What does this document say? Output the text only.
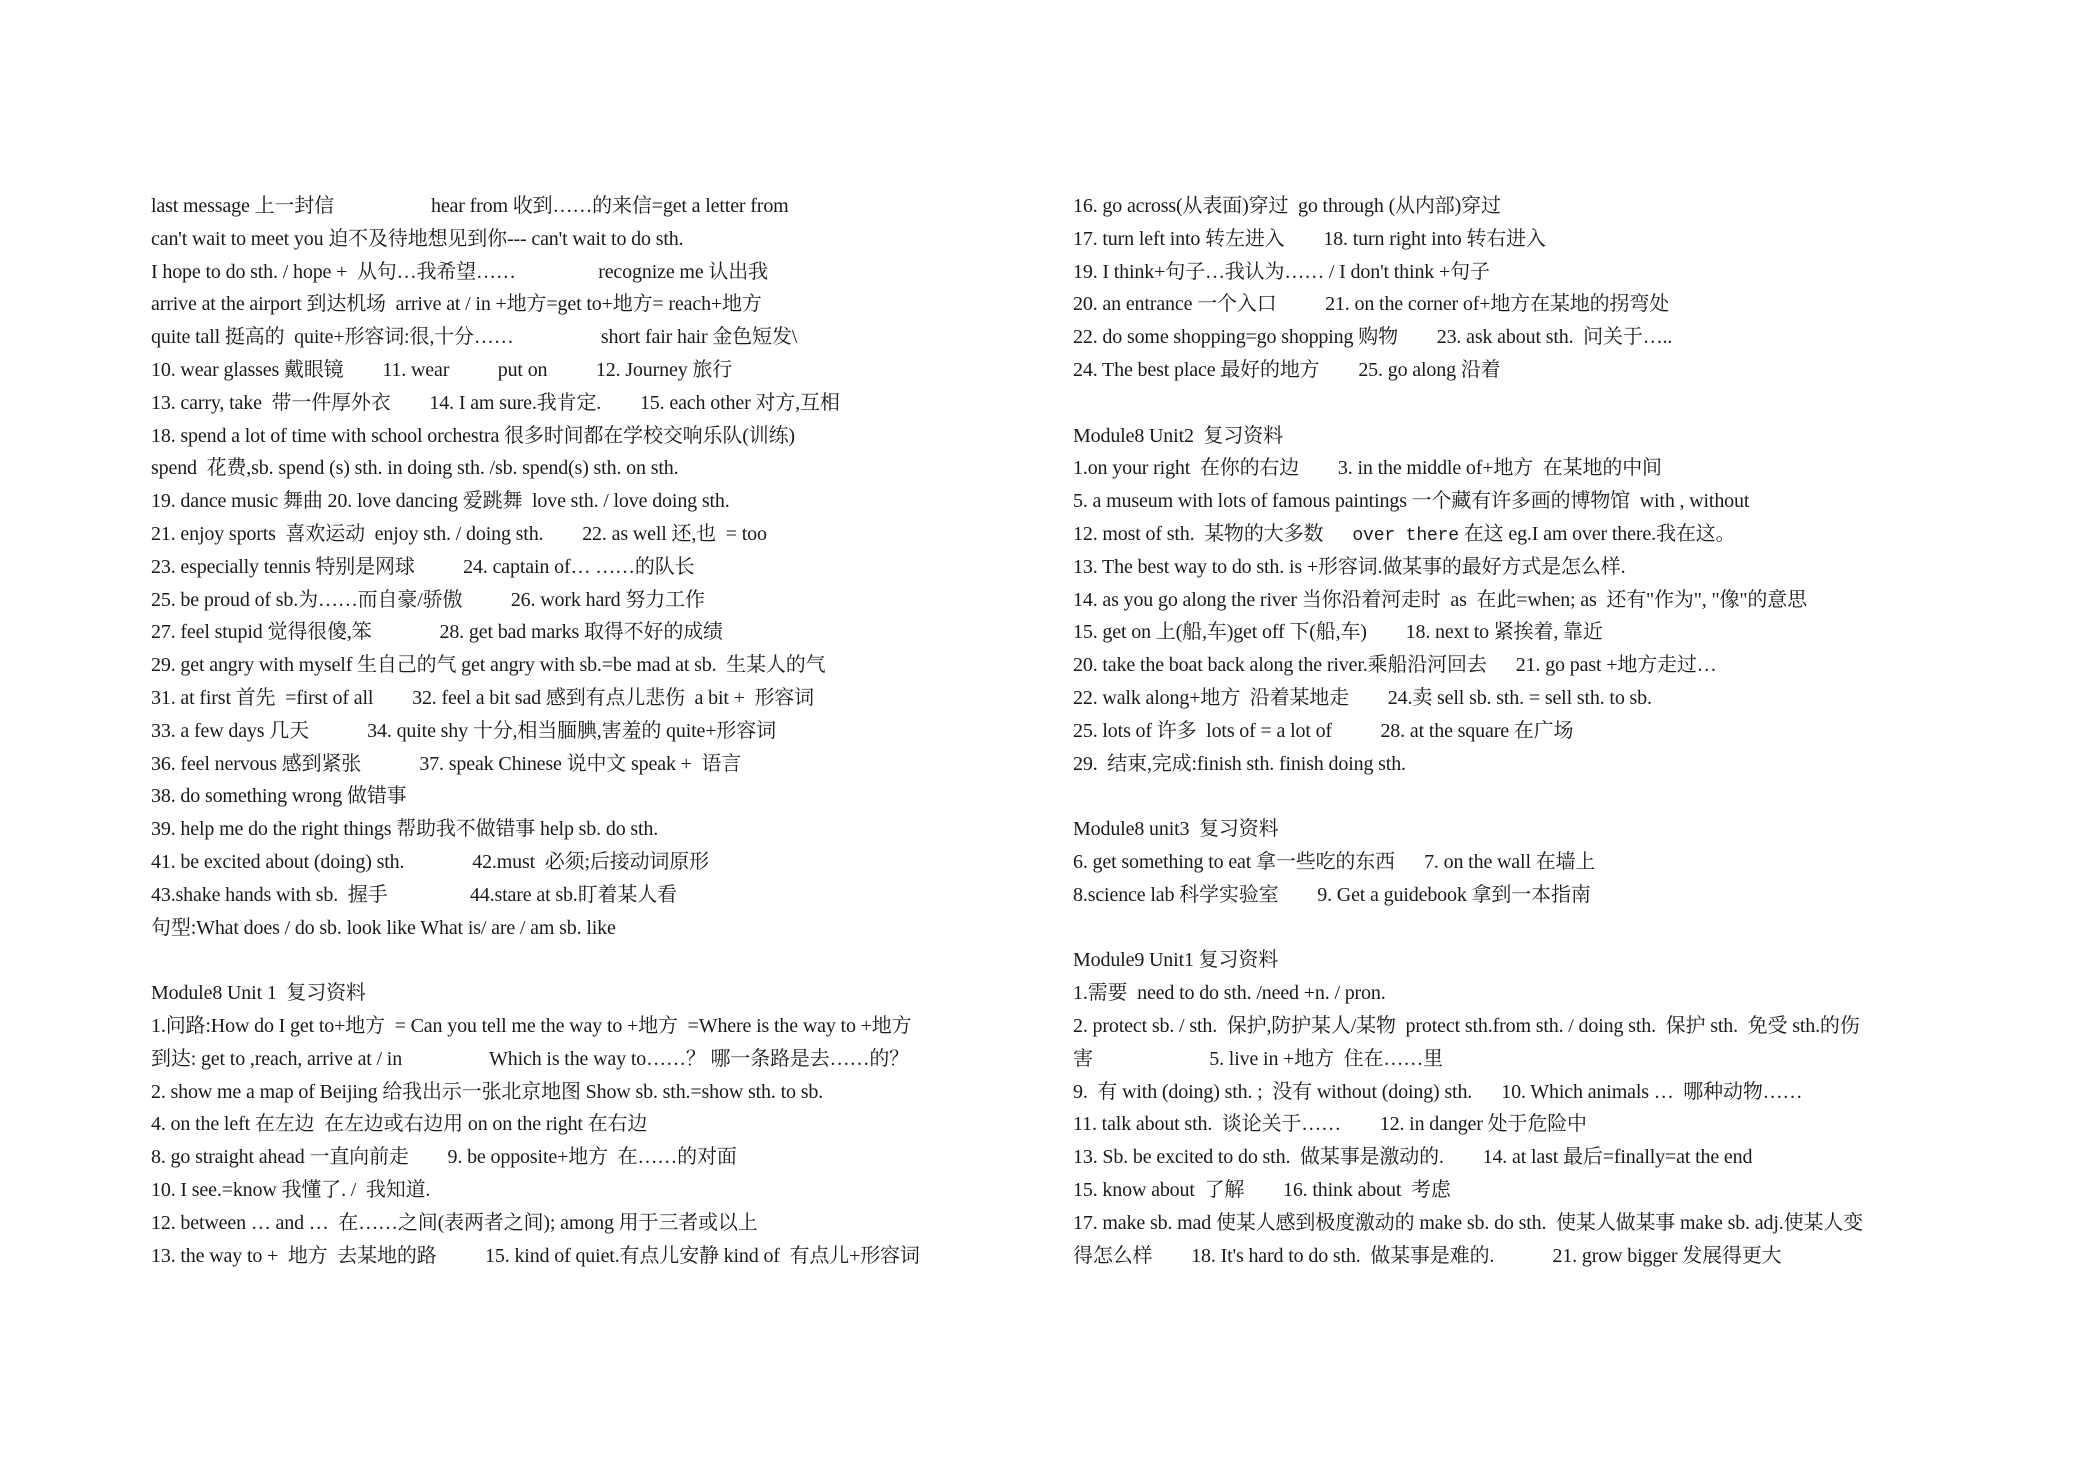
last message 上一封信                    hear from 收到……的来信=get a letter from
can't wait to meet you 迫不及待地想见到你--- can't wait to do sth.
I hope to do sth. / hope +  从句…我希望……                 recognize me 认出我
arrive at the airport 到达机场  arrive at / in +地方=get to+地方= reach+地方
quite tall 挺高的  quite+形容词:很,十分……                  short fair hair 金色短发\
10. wear glasses 戴眼镜        11. wear          put on          12. Journey 旅行
13. carry, take  带一件厚外衣        14. I am sure.我肯定.        15. each other 对方,互相
18. spend a lot of time with school orchestra 很多时间都在学校交响乐队(训练)
spend  花费,sb. spend (s) sth. in doing sth. /sb. spend(s) sth. on sth.
19. dance music 舞曲 20. love dancing 爱跳舞  love sth. / love doing sth.
21. enjoy sports  喜欢运动  enjoy sth. / doing sth.        22. as well 还,也  = too
23. especially tennis 特别是网球          24. captain of… ……的队长
25. be proud of sb.为……而自豪/骄傲          26. work hard 努力工作
27. feel stupid 觉得很傻,笨              28. get bad marks 取得不好的成绩
29. get angry with myself 生自己的气 get angry with sb.=be mad at sb.  生某人的气
31. at first 首先  =first of all        32. feel a bit sad 感到有点儿悲伤  a bit +  形容词
33. a few days 几天            34. quite shy 十分,相当腼腆,害羞的 quite+形容词
36. feel nervous 感到紧张            37. speak Chinese 说中文 speak +  语言
38. do something wrong 做错事
39. help me do the right things 帮助我不做错事 help sb. do sth.
41. be excited about (doing) sth.              42.must  必须;后接动词原形
43.shake hands with sb.  握手                 44.stare at sb.盯着某人看
句型:What does / do sb. look like What is/ are / am sb. like
Module8 Unit 1  复习资料
1.问路:How do I get to+地方  = Can you tell me the way to +地方  =Where is the way to +地方
到达: get to ,reach, arrive at / in                  Which is the way to……？ 哪一条路是去……的？
2. show me a map of Beijing 给我出示一张北京地图 Show sb. sth.=show sth. to sb.
4. on the left 在左边  在左边或右边用 on on the right 在右边
8. go straight ahead 一直向前走        9. be opposite+地方  在……的对面
10. I see.=know 我懂了. /  我知道.
12. between … and …  在……之间(表两者之间); among 用于三者或以上
13. the way to +  地方  去某地的路          15. kind of quiet.有点儿安静 kind of  有点儿+形容词
16. go across(从表面)穿过  go through (从内部)穿过
17. turn left into 转左进入        18. turn right into 转右进入
19. I think+句子…我认为…… / I don't think +句子
20. an entrance 一个入口          21. on the corner of+地方在某地的拐弯处
22. do some shopping=go shopping 购物        23. ask about sth.  问关于…..
24. The best place 最好的地方        25. go along 沿着
Module8 Unit2  复习资料
1.on your right  在你的右边        3. in the middle of+地方  在某地的中间
5. a museum with lots of famous paintings 一个藏有许多画的博物馆  with , without
12. most of sth.  某物的大多数      over there 在这 eg.I am over there.我在这。
13. The best way to do sth. is +形容词.做某事的最好方式是怎么样.
14. as you go along the river 当你沿着河走时  as  在此=when; as  还有"作为", "像"的意思
15. get on 上(船,车)get off 下(船,车)        18. next to 紧挨着, 靠近
20. take the boat back along the river.乘船沿河回去      21. go past +地方走过…
22. walk along+地方  沿着某地走        24.卖 sell sb. sth. = sell sth. to sb.
25. lots of 许多  lots of = a lot of          28. at the square 在广场
29.  结束,完成:finish sth. finish doing sth.
Module8 unit3  复习资料
6. get something to eat 拿一些吃的东西      7. on the wall 在墙上
8.science lab 科学实验室        9. Get a guidebook 拿到一本指南
Module9 Unit1 复习资料
1.需要  need to do sth. /need +n. / pron.
2. protect sb. / sth.  保护,防护某人/某物  protect sth.from sth. / doing sth.  保护 sth.  免受 sth.的伤
害                        5. live in +地方  住在……里
9.  有 with (doing) sth. ;  没有 without (doing) sth.      10. Which animals …  哪种动物……
11. talk about sth.  谈论关于……        12. in danger 处于危险中
13. Sb. be excited to do sth.  做某事是激动的.        14. at last 最后=finally=at the end
15. know about  了解        16. think about  考虑
17. make sb. mad 使某人感到极度激动的 make sb. do sth.  使某人做某事 make sb. adj.使某人变
得怎么样        18. It's hard to do sth.  做某事是难的.            21. grow bigger 发展得更大
